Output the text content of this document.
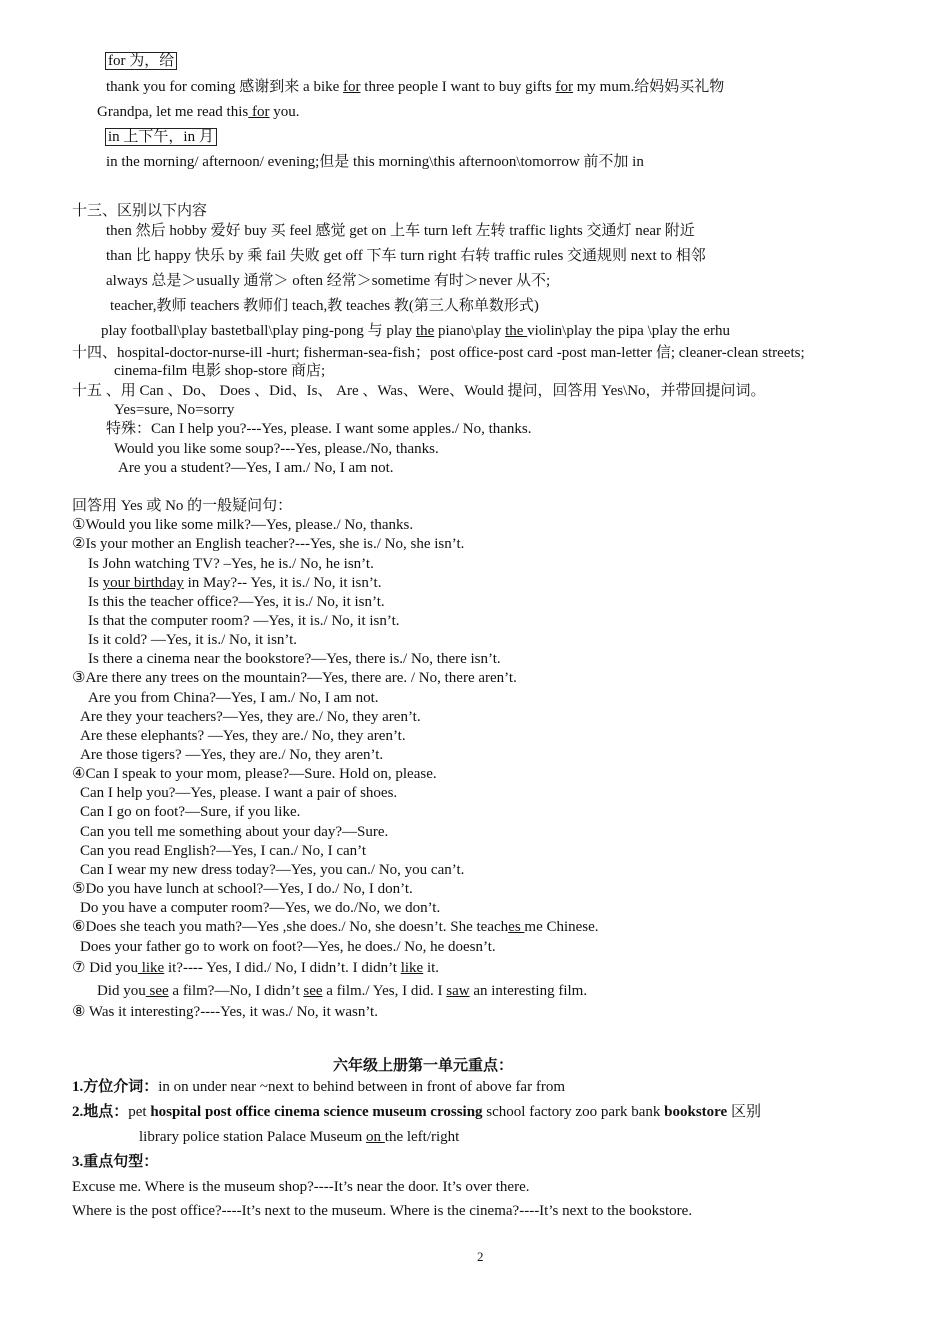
for 为，给
thank you for coming 感谢到来 a bike for three people I want to buy gifts for my mum.给妈妈买礼物
Grandpa, let me read this for you.
in 上下午，in 月
in the morning/ afternoon/ evening;但是 this morning\this afternoon\tomorrow 前不加 in
十三、区别以下内容
then 然后 hobby 爱好 buy 买 feel 感觉 get on 上车 turn left 左转 traffic lights 交通灯 near 附近
than 比 happy 快乐 by 乘 fail 失败 get off 下车 turn right 右转 traffic rules 交通规则 next to 相邻
always 总是＞usually 通常＞ often 经常＞sometime 有时＞never 从不;
teacher,教师 teachers 教师们 teach,教 teaches 教(第三人称单数形式)
play football\play bastetball\play ping-pong 与 play the piano\play the violin\play the pipa \play the erhu
十四、hospital-doctor-nurse-ill -hurt; fisherman-sea-fish；post office-post card -post man-letter 信; cleaner-clean streets;
cinema-film 电影 shop-store 商店;
十五 、用 Can 、Do、 Does 、Did、Is、 Are 、Was、Were、Would 提问，回答用 Yes\No，并带回提问词。
Yes=sure, No=sorry
特殊：Can I help you?---Yes, please. I want some apples./ No, thanks.
Would you like some soup?---Yes, please./No, thanks.
Are you a student?—Yes, I am./ No, I am not.
回答用 Yes 或 No 的一般疑问句：
①Would you like some milk?—Yes, please./ No, thanks.
②Is your mother an English teacher?---Yes, she is./ No, she isn’t.
Is John watching TV? –Yes, he is./ No, he isn’t.
Is your birthday in May?-- Yes, it is./ No, it isn’t.
Is this the teacher office?—Yes, it is./ No, it isn’t.
Is that the computer room? —Yes, it is./ No, it isn’t.
Is it cold? —Yes, it is./ No, it isn’t.
Is there a cinema near the bookstore?—Yes, there is./ No, there isn’t.
③Are there any trees on the mountain?—Yes, there are. / No, there aren’t.
Are you from China?—Yes, I am./ No, I am not.
Are they your teachers?—Yes, they are./ No, they aren’t.
Are these elephants? —Yes, they are./ No, they aren’t.
Are those tigers? —Yes, they are./ No, they aren’t.
④Can I speak to your mom, please?—Sure. Hold on, please.
Can I help you?—Yes, please. I want a pair of shoes.
Can I go on foot?—Sure, if you like.
Can you tell me something about your day?—Sure.
Can you read English?—Yes, I can./ No, I can’t
Can I wear my new dress today?—Yes, you can./ No, you can’t.
⑤Do you have lunch at school?—Yes, I do./ No, I don’t.
Do you have a computer room?—Yes, we do./No, we don’t.
⑥Does she teach you math?—Yes ,she does./ No, she doesn’t. She teaches me Chinese.
Does your father go to work on foot?—Yes, he does./ No, he doesn’t.
⑦ Did you like it?---- Yes, I did./ No, I didn’t. I didn’t like it.
Did you see a film?—No, I didn’t see a film./ Yes, I did. I saw an interesting film.
⑧ Was it interesting?----Yes, it was./ No, it wasn’t.
六年级上册第一单元重点：
1.方位介词：in on under near ~next to behind between in front of above far from
2.地点：pet hospital post office cinema science museum crossing school factory zoo park bank bookstore 区别
library police station Palace Museum on the left/right
3.重点句型：
Excuse me. Where is the museum shop?----It’s near the door. It’s over there.
Where is the post office?----It’s next to the museum. Where is the cinema?----It’s next to the bookstore.
2
